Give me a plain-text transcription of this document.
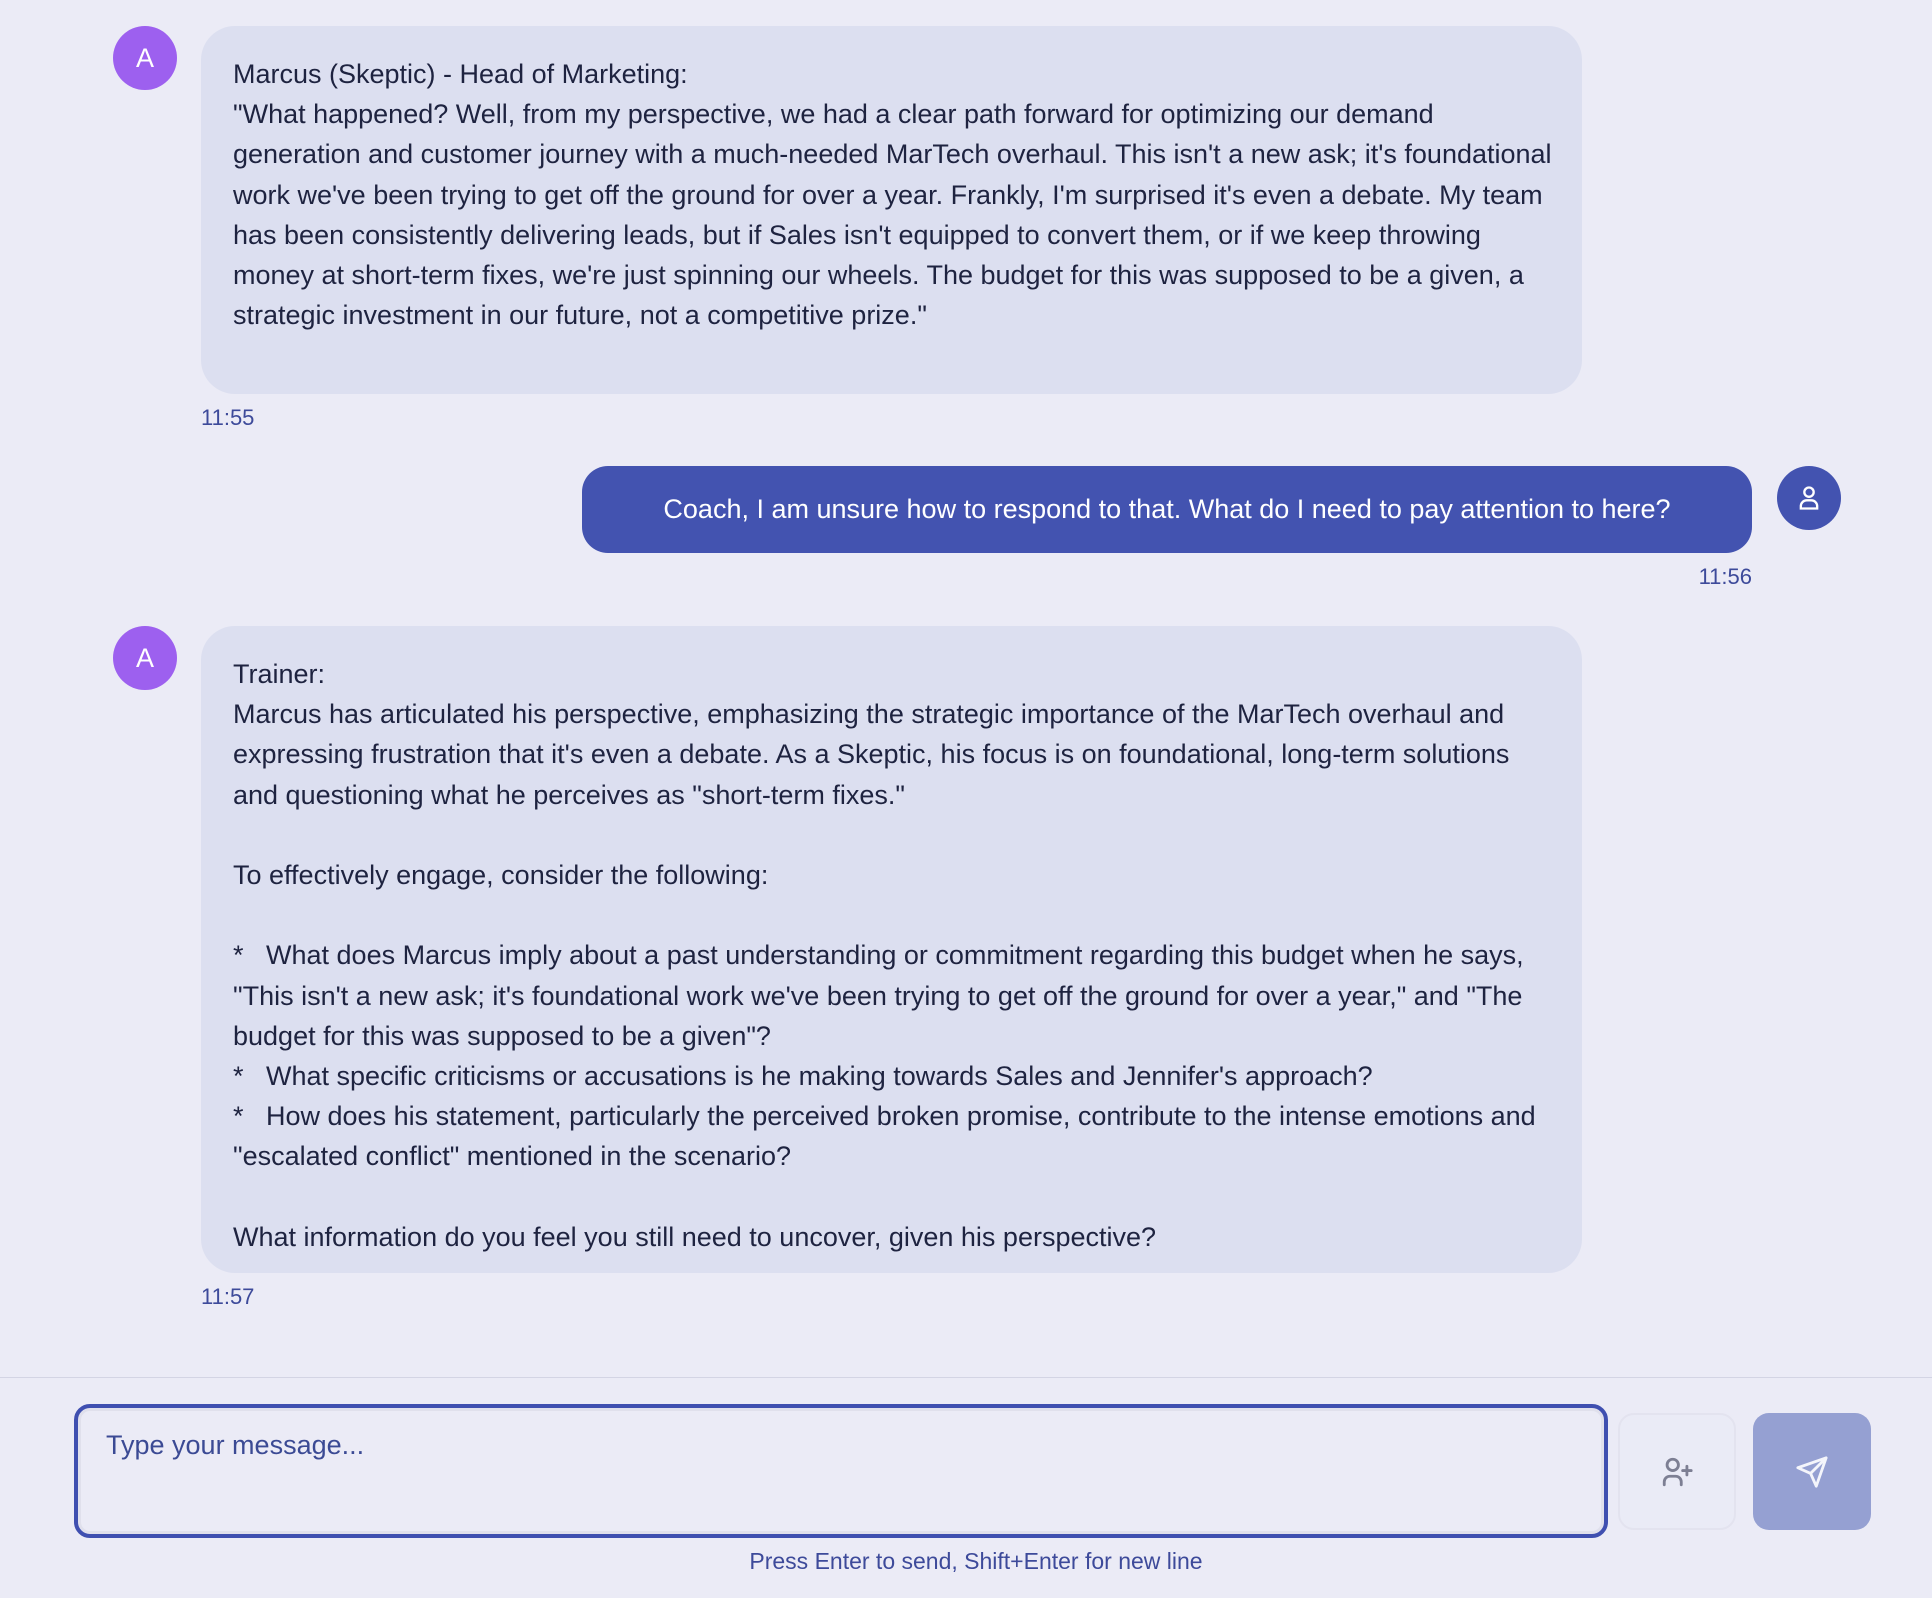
A
Marcus (Skeptic) - Head of Marketing:
"What happened? Well, from my perspective, we had a clear path forward for optimizing our demand generation and customer journey with a much-needed MarTech overhaul. This isn't a new ask; it's foundational work we've been trying to get off the ground for over a year. Frankly, I'm surprised it's even a debate. My team has been consistently delivering leads, but if Sales isn't equipped to convert them, or if we keep throwing money at short-term fixes, we're just spinning our wheels. The budget for this was supposed to be a given, a strategic investment in our future, not a competitive prize."
11:55
Coach, I am unsure how to respond to that. What do I need to pay attention to here?
11:56
A
Trainer:
Marcus has articulated his perspective, emphasizing the strategic importance of the MarTech overhaul and expressing frustration that it's even a debate. As a Skeptic, his focus is on foundational, long-term solutions and questioning what he perceives as "short-term fixes."

To effectively engage, consider the following:

*   What does Marcus imply about a past understanding or commitment regarding this budget when he says, "This isn't a new ask; it's foundational work we've been trying to get off the ground for over a year," and "The budget for this was supposed to be a given"?
*   What specific criticisms or accusations is he making towards Sales and Jennifer's approach?
*   How does his statement, particularly the perceived broken promise, contribute to the intense emotions and "escalated conflict" mentioned in the scenario?

What information do you feel you still need to uncover, given his perspective?
11:57
Type your message...
Press Enter to send, Shift+Enter for new line
